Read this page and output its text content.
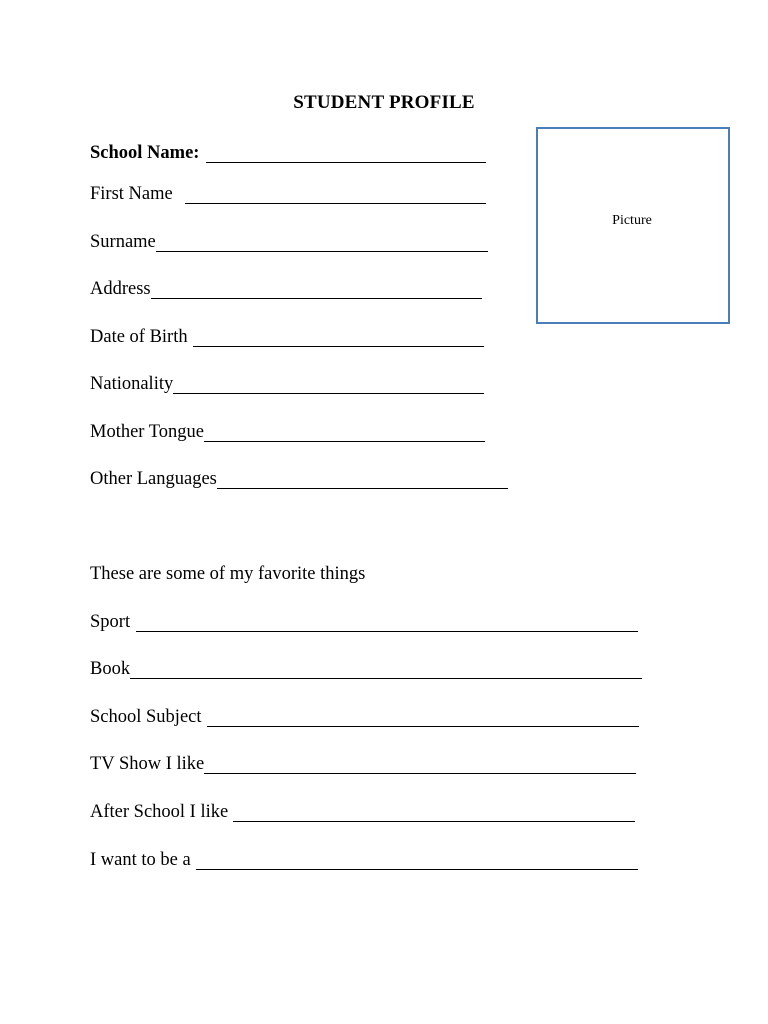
STUDENT PROFILE
Picture
School Name:
First Name
Surname
Address
Date of Birth
Nationality
Mother Tongue
Other Languages
These are some of my favorite things
Sport
Book
School Subject
TV Show I like
After School I like
I want to be a
